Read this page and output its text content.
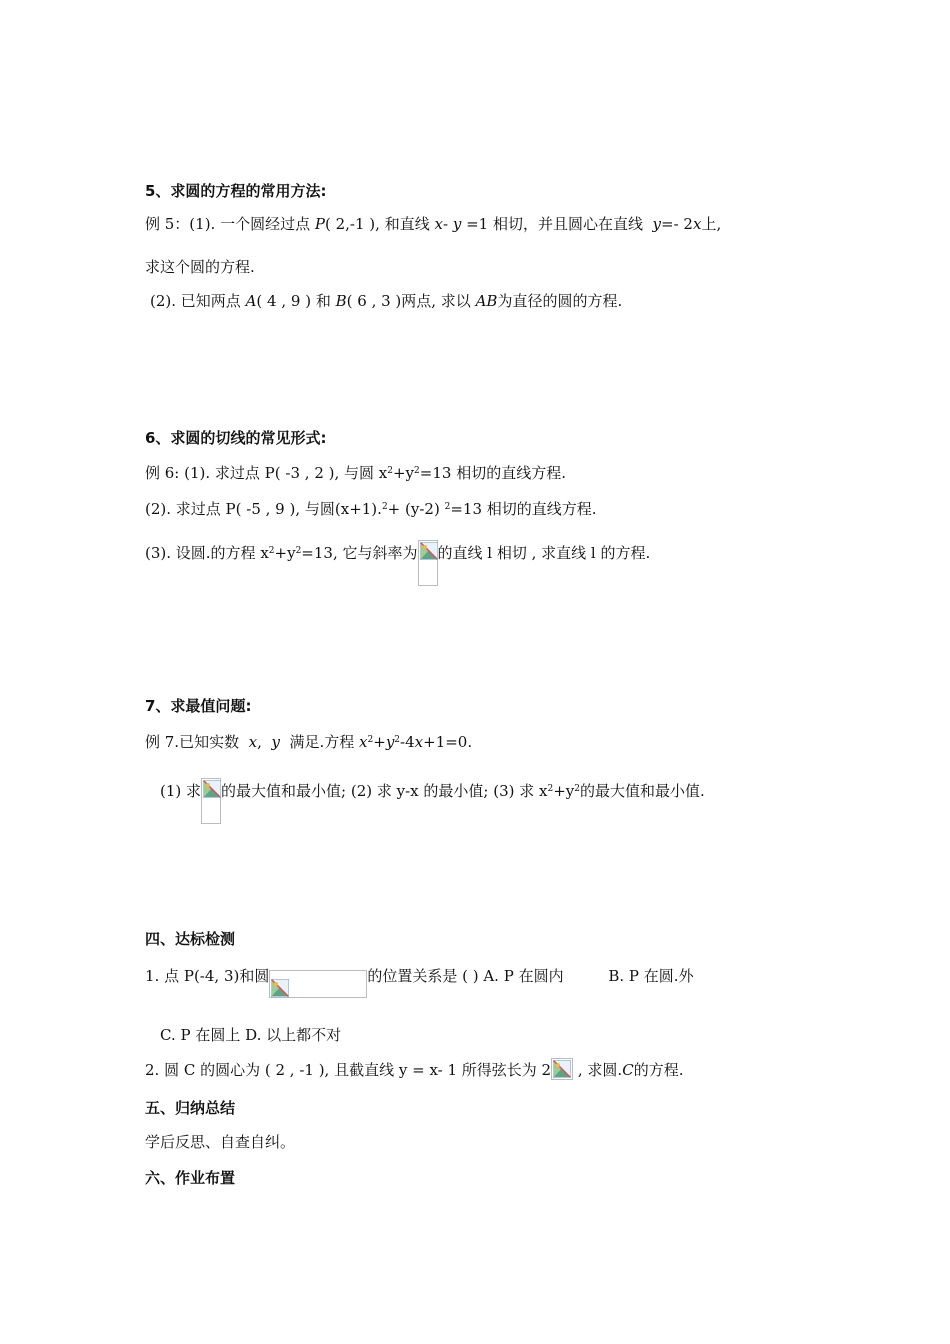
5、求圆的方程的常用方法:
例 5：(1). 一个圆经过点 P( 2,-1 ), 和直线 x- y =1 相切，并且圆心在直线 y=- 2x上,
求这个圆的方程.
(2). 已知两点 A( 4 , 9 ) 和 B( 6 , 3 )两点, 求以 AB为直径的圆的方程.
6、求圆的切线的常见形式:
例 6: (1). 求过点 P( -3 , 2 ), 与圆 $x^2+y^2=13$ 相切的直线方程.
(2). 求过点 P( -5 , 9 ), 与圆(x+1).$^2$+ (y-2) $^2$=13 相切的直线方程.
(3). 设圆.的方程 $x^2+y^2=13$, 它与斜率为 的直线 l 相切 , 求直线 l 的方程.
7、求最值问题:
例 7.已知实数 x, y 满足.方程 $x^2+y^2-4x+1=0$.
(1) 求 的最大值和最小值; (2) 求 y-x 的最小值; (3) 求 $x^2+y^2$的最大值和最小值.
四、达标检测
1. 点 P(-4, 3)和圆	的位置关系是 ( ) A. P 在圆内	B. P 在圆.外
C. P 在圆上 D. 以上都不对
2. 圆 C 的圆心为 ( 2 , -1 ), 且截直线 y = x- 1 所得弦长为 2 , 求圆.C的方程.
五、归纳总结
学后反思、自查自纠。
六、作业布置
